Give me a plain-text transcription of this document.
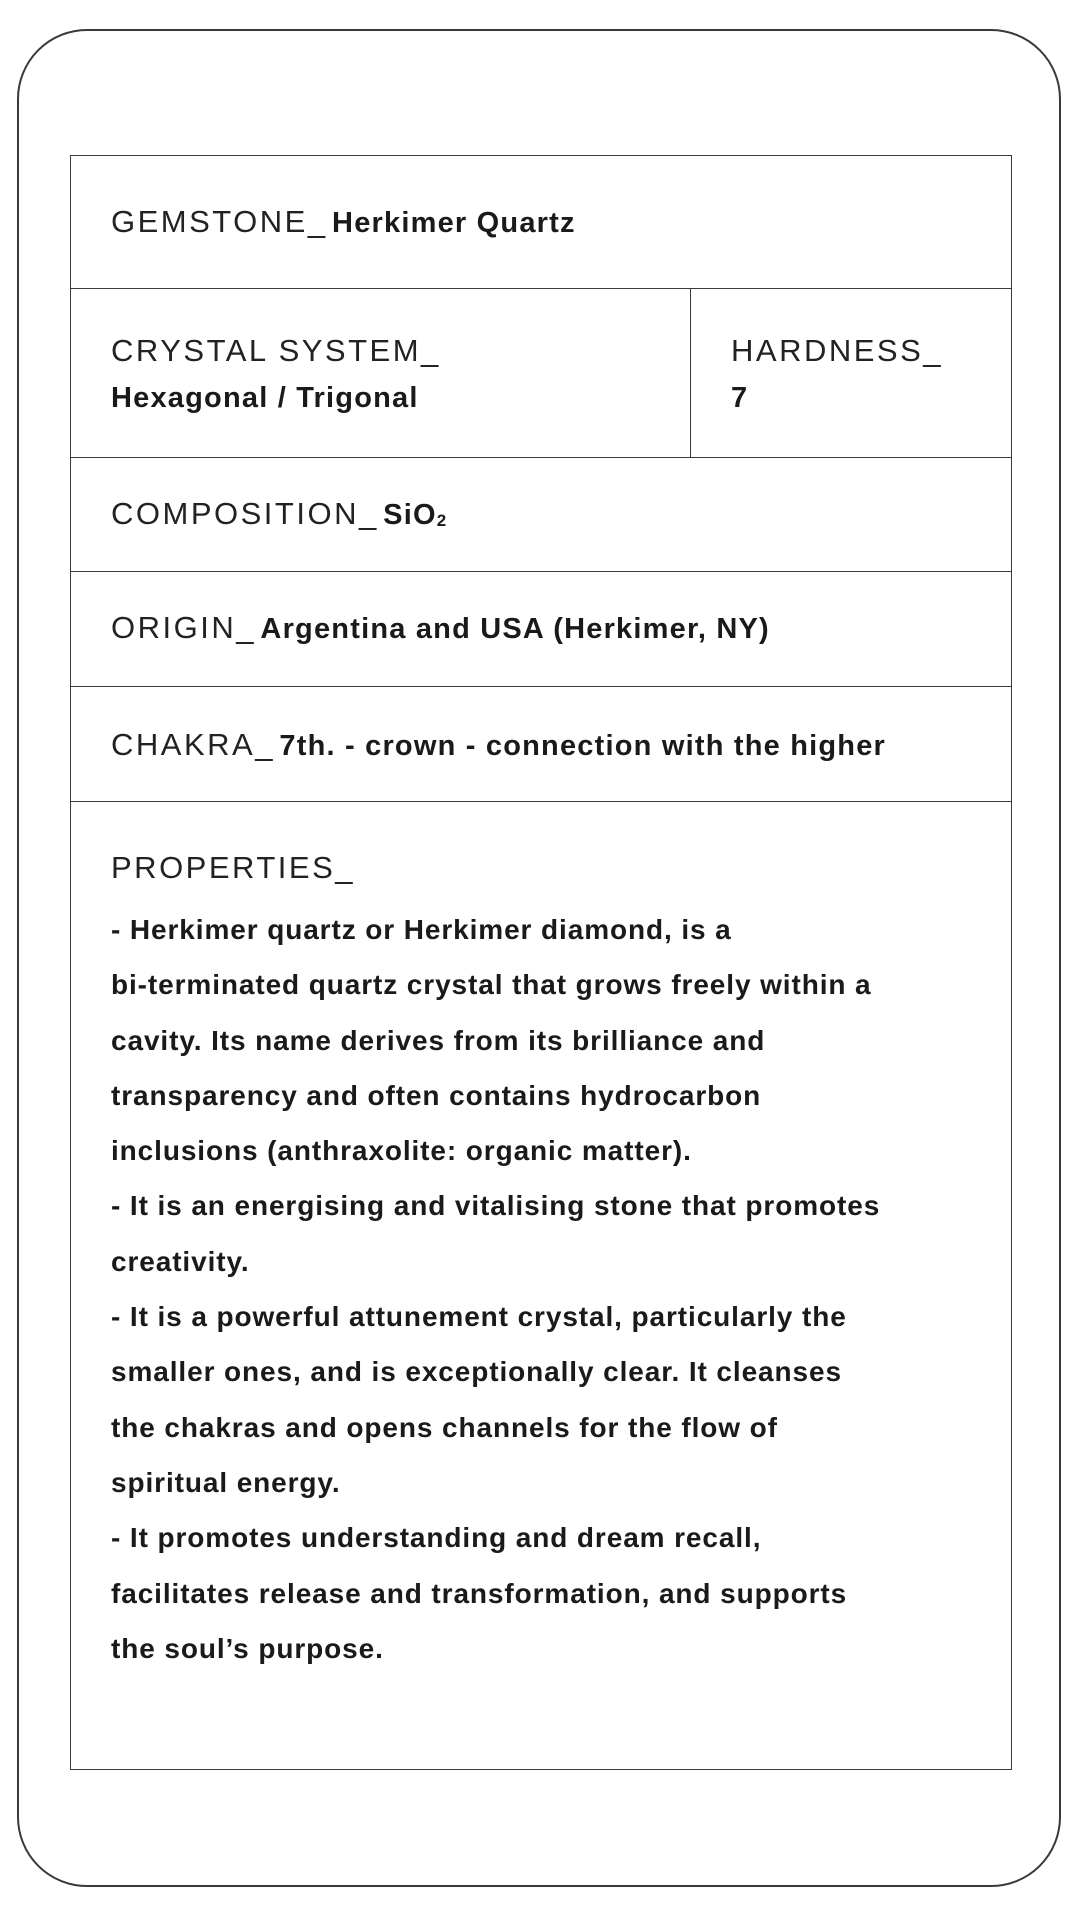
GEMSTONE_ Herkimer Quartz
CRYSTAL SYSTEM_
Hexagonal / Trigonal
HARDNESS_
7
COMPOSITION_ SiO2
ORIGIN_ Argentina and USA (Herkimer, NY)
CHAKRA_ 7th. - crown - connection with the higher
PROPERTIES_

- Herkimer quartz or Herkimer diamond, is a

bi-terminated quartz crystal that grows freely within a

cavity. Its name derives from its brilliance and

transparency and often contains hydrocarbon

inclusions (anthraxolite: organic matter).

- It is an energising and vitalising stone that promotes

creativity.

- It is a powerful attunement crystal, particularly the

smaller ones, and is exceptionally clear. It cleanses

the chakras and opens channels for the flow of

spiritual energy.

- It promotes understanding and dream recall,

facilitates release and transformation, and supports

the soul’s purpose.
